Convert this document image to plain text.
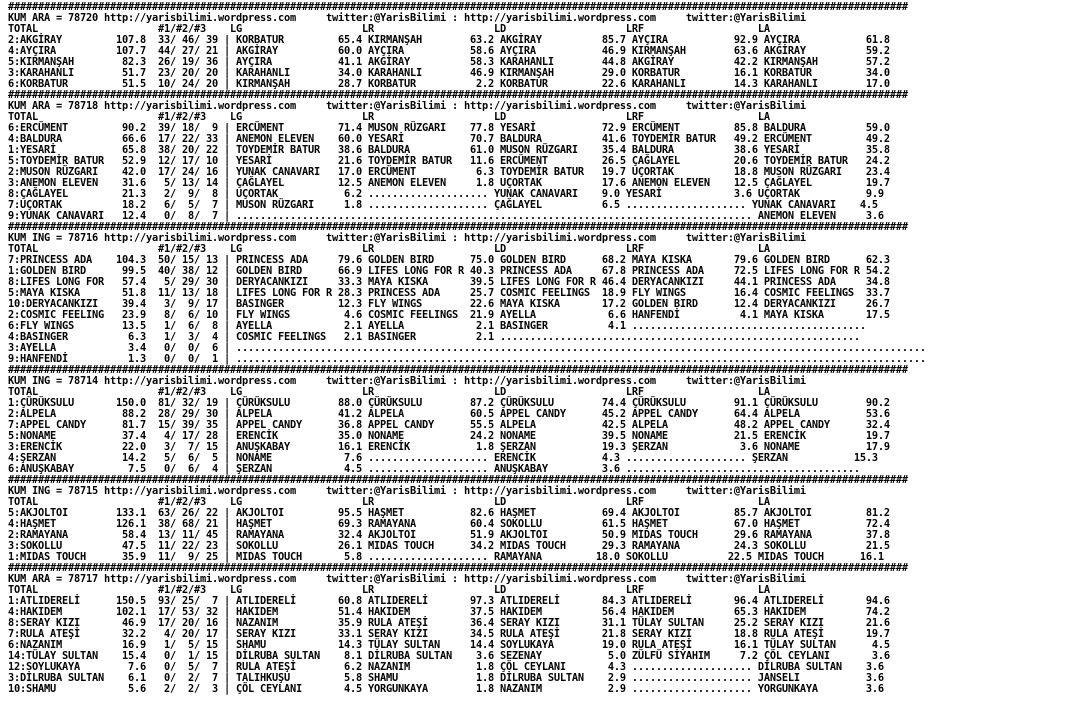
######################################################################################################################################################
KUM ARA = 78720 http://yarisbilimi.wordpress.com     twitter:@YarisBilimi : http://yarisbilimi.wordpress.com     twitter:@YarisBilimi
TOTAL                    #1/#2/#3    LG                    LR                    LD                    LRF                   LA
2:AKGİRAY         107.8  33/ 46/ 39 | KORBATUR         65.4 KIRMANŞAH        63.2 AKGİRAY          85.7 AYÇIRA           92.9 AYÇIRA           61.8
4:AYÇIRA          107.7  44/ 27/ 21 | AKGİRAY          60.0 AYÇIRA           58.6 AYÇIRA           46.9 KIRMANŞAH        63.6 AKGİRAY          59.2
5:KIRMANŞAH        82.3  26/ 19/ 36 | AYÇIRA           41.1 AKGİRAY          58.3 KARAHANLI        44.8 AKGİRAY          42.2 KIRMANŞAH        57.2
3:KARAHANLI        51.7  23/ 20/ 20 | KARAHANLI        34.0 KARAHANLI        46.9 KIRMANŞAH        29.0 KORBATUR         16.1 KORBATUR         34.0
6:KORBATUR         51.5  10/ 24/ 20 | KIRMANŞAH        28.7 KORBATUR          2.2 KORBATUR         22.6 KARAHANLI        14.3 KARAHANLI        17.0
######################################################################################################################################################
KUM ARA = 78718 http://yarisbilimi.wordpress.com     twitter:@YarisBilimi : http://yarisbilimi.wordpress.com     twitter:@YarisBilimi
TOTAL                    #1/#2/#3    LG                    LR                    LD                    LRF                   LA
6:ERCÜMENT         90.2  39/ 18/  9 | ERCÜMENT         71.4 MUSON RÜZGARI    77.8 YESARİ           72.9 ERCÜMENT         85.8 BALDURA          59.0
4:BALDURA          66.6  17/ 22/ 33 | ANEMON ELEVEN    60.0 YESARİ           70.7 BALDURA          41.6 TOYDEMİR BATUR   49.2 ERCÜMENT         49.2
1:YESARİ           65.8  38/ 20/ 22 | TOYDEMİR BATUR   38.6 BALDURA          61.0 MUSON RÜZGARI    35.4 BALDURA          38.6 YESARİ           35.8
5:TOYDEMİR BATUR   52.9  12/ 17/ 10 | YESARİ           21.6 TOYDEMİR BATUR   11.6 ERCÜMENT         26.5 ÇAĞLAYEL         20.6 TOYDEMİR BATUR   24.2
2:MUSON RÜZGARI    42.0  17/ 24/ 16 | YUNAK CANAVARI   17.0 ERCÜMENT          6.3 TOYDEMİR BATUR   19.7 UÇORTAK          18.8 MUSON RÜZGARI    23.4
3:ANEMON ELEVEN    31.6   5/ 13/ 14 | ÇAĞLAYEL         12.5 ANEMON ELEVEN     1.8 UÇORTAK          17.6 ANEMON ELEVEN    12.5 ÇAĞLAYEL         19.7
8:ÇAĞLAYEL         21.3   2/  9/  8 | UÇORTAK           6.2 .................... YUNAK CANAVARI    9.0 YESARİ            3.6 UÇORTAK           9.9
7:UÇORTAK          18.2   6/  5/  7 | MUSON RÜZGARI     1.8 .................... ÇAĞLAYEL          6.5 .................... YUNAK CANAVARI    4.5
9:YUNAK CANAVARI   12.4   0/  8/  7 | ...................................................................................... ANEMON ELEVEN     3.6
######################################################################################################################################################
KUM ING = 78716 http://yarisbilimi.wordpress.com     twitter:@YarisBilimi : http://yarisbilimi.wordpress.com     twitter:@YarisBilimi
TOTAL                    #1/#2/#3    LG                    LR                    LD                    LRF                   LA
7:PRINCESS ADA    104.3  50/ 15/ 13 | PRINCESS ADA     79.6 GOLDEN BIRD      75.0 GOLDEN BIRD      68.2 MAYA KISKA       79.6 GOLDEN BIRD      62.3
1:GOLDEN BIRD      99.5  40/ 38/ 12 | GOLDEN BIRD      66.9 LIFES LONG FOR R 40.3 PRINCESS ADA     67.8 PRINCESS ADA     72.5 LIFES LONG FOR R 54.2
8:LIFES LONG FOR   57.4   5/ 29/ 30 | DERYACANKIZI     33.3 MAYA KISKA       39.5 LIFES LONG FOR R 46.4 DERYACANKIZI     44.1 PRINCESS ADA     34.8
5:MAYA KISKA       51.8  11/ 13/ 18 | LIFES LONG FOR R 28.3 PRINCESS ADA     25.7 COSMIC FEELINGS  18.9 FLY WINGS        16.4 COSMIC FEELINGS  33.7
10:DERYACANKIZI    39.4   3/  9/ 17 | BASINGER         12.3 FLY WINGS        22.6 MAYA KISKA       17.2 GOLDEN BIRD      12.4 DERYACANKIZI     26.7
2:COSMIC FEELING   23.9   8/  6/ 10 | FLY WINGS         4.6 COSMIC FEELINGS  21.9 AYELLA            6.6 HANFENDİ          4.1 MAYA KISKA       17.5
6:FLY WINGS        13.5   1/  6/  8 | AYELLA            2.1 AYELLA            2.1 BASINGER          4.1 .......................................
4:BASINGER          6.3   1/  3/  4 | COSMIC FEELINGS   2.1 BASINGER          2.1 ............................................................
3:AYELLA            3.4   0/  0/  6 | ...................................................................................................................
9:HANFENDİ          1.3   0/  0/  1 | ...................................................................................................................
######################################################################################################################################################
KUM ING = 78714 http://yarisbilimi.wordpress.com     twitter:@YarisBilimi : http://yarisbilimi.wordpress.com     twitter:@YarisBilimi
TOTAL                    #1/#2/#3    LG                    LR                    LD                    LRF                   LA
1:ÇÜRÜKSULU       150.0  81/ 32/ 19 | ÇÜRÜKSULU        88.0 ÇÜRÜKSULU        87.2 ÇÜRÜKSULU        74.4 ÇÜRÜKSULU        91.1 ÇÜRÜKSULU        90.2
2:ALPELA           88.2  28/ 29/ 30 | ALPELA           41.2 ALPELA           60.5 APPEL CANDY      45.2 APPEL CANDY      64.4 ALPELA           53.6
7:APPEL CANDY      81.7  15/ 39/ 35 | APPEL CANDY      36.8 APPEL CANDY      55.5 ALPELA           42.5 ALPELA           48.2 APPEL CANDY      32.4
5:NONAME           37.4   4/ 17/ 28 | ERENCİK          35.0 NONAME           24.2 NONAME           39.5 NONAME           21.5 ERENCİK          19.7
3:ERENCİK          22.0   3/  7/ 15 | ANUŞKABAY        16.1 ERENCİK           1.8 ŞERZAN           19.3 ŞERZAN            3.6 NONAME           17.9
4:ŞERZAN           14.2   5/  6/  5 | NONAME            7.6 .................... ERENCİK           4.3 .................... ŞERZAN           15.3
6:ANUŞKABAY         7.5   0/  6/  4 | ŞERZAN            4.5 .................... ANUŞKABAY         3.6 .......................................
######################################################################################################################################################
KUM ING = 78715 http://yarisbilimi.wordpress.com     twitter:@YarisBilimi : http://yarisbilimi.wordpress.com     twitter:@YarisBilimi
TOTAL                    #1/#2/#3    LG                    LR                    LD                    LRF                   LA
5:AKJOLTOI        133.1  63/ 26/ 22 | AKJOLTOI         95.5 HAŞMET           82.6 HAŞMET           69.4 AKJOLTOI         85.7 AKJOLTOI         81.2
4:HAŞMET          126.1  38/ 68/ 21 | HAŞMET           69.3 RAMAYANA         60.4 SOKOLLU          61.5 HAŞMET           67.0 HAŞMET           72.4
2:RAMAYANA         58.4  13/ 11/ 45 | RAMAYANA         32.4 AKJOLTOI         51.9 AKJOLTOI         50.9 MIDAS TOUCH      29.6 RAMAYANA         37.8
3:SOKOLLU          47.5  11/ 22/ 23 | SOKOLLU          26.1 MIDAS TOUCH      34.2 MIDAS TOUCH      29.3 RAMAYANA         24.3 SOKOLLU          21.5
1:MIDAS TOUCH      35.9  11/  9/ 25 | MIDAS TOUCH       5.8 .................... RAMAYANA         18.0 SOKOLLU          22.5 MIDAS TOUCH      16.1
######################################################################################################################################################
KUM ARA = 78717 http://yarisbilimi.wordpress.com     twitter:@YarisBilimi : http://yarisbilimi.wordpress.com     twitter:@YarisBilimi
TOTAL                    #1/#2/#3    LG                    LR                    LD                    LRF                   LA
1:ATLIDERELİ      150.5  93/ 25/  7 | ATLIDERELİ       60.8 ATLIDERELİ       97.3 ATLIDERELİ       84.3 ATLIDERELİ       96.4 ATLIDERELİ       94.6
4:HAKIDEM         102.1  17/ 53/ 32 | HAKIDEM          51.4 HAKIDEM          37.5 HAKIDEM          56.4 HAKIDEM          65.3 HAKIDEM          74.2
8:SERAY KIZI       46.9  17/ 20/ 16 | NAZANIM          35.9 RULA ATEŞİ       36.4 SERAY KIZI       31.1 TÜLAY SULTAN     25.2 SERAY KIZI       21.6
7:RULA ATEŞİ       32.2   4/ 20/ 17 | SERAY KIZI       33.1 SERAY KIZI       34.5 RULA ATEŞİ       21.8 SERAY KIZI       18.8 RULA ATEŞİ       19.7
6:NAZANIM          16.9   1/  5/ 15 | SHAMU            14.3 TÜLAY SULTAN     14.4 SOYLUKAYA        19.0 RULA ATEŞİ       16.1 TÜLAY SULTAN      4.5
14:TÜLAY SULTAN    15.4   0/  1/ 15 | DİLRUBA SULTAN    8.1 DİLRUBA SULTAN    3.6 SEZENAY           5.0 ZÜLFÜ SİYAHIM     7.2 ÇÖL CEYLANI       3.6
12:SOYLUKAYA        7.6   0/  5/  7 | RULA ATEŞİ        6.2 NAZANIM           1.8 ÇÖL CEYLANI       4.3 .................... DİLRUBA SULTAN    3.6
3:DİLRUBA SULTAN    6.1   0/  2/  7 | TALIHKUŞU         5.8 SHAMU             1.8 DİLRUBA SULTAN    2.9 .................... JANSELI           3.6
10:SHAMU            5.6   2/  2/  3 | ÇÖL CEYLANI       4.5 YORGUNKAYA        1.8 NAZANIM           2.9 .................... YORGUNKAYA        3.6
